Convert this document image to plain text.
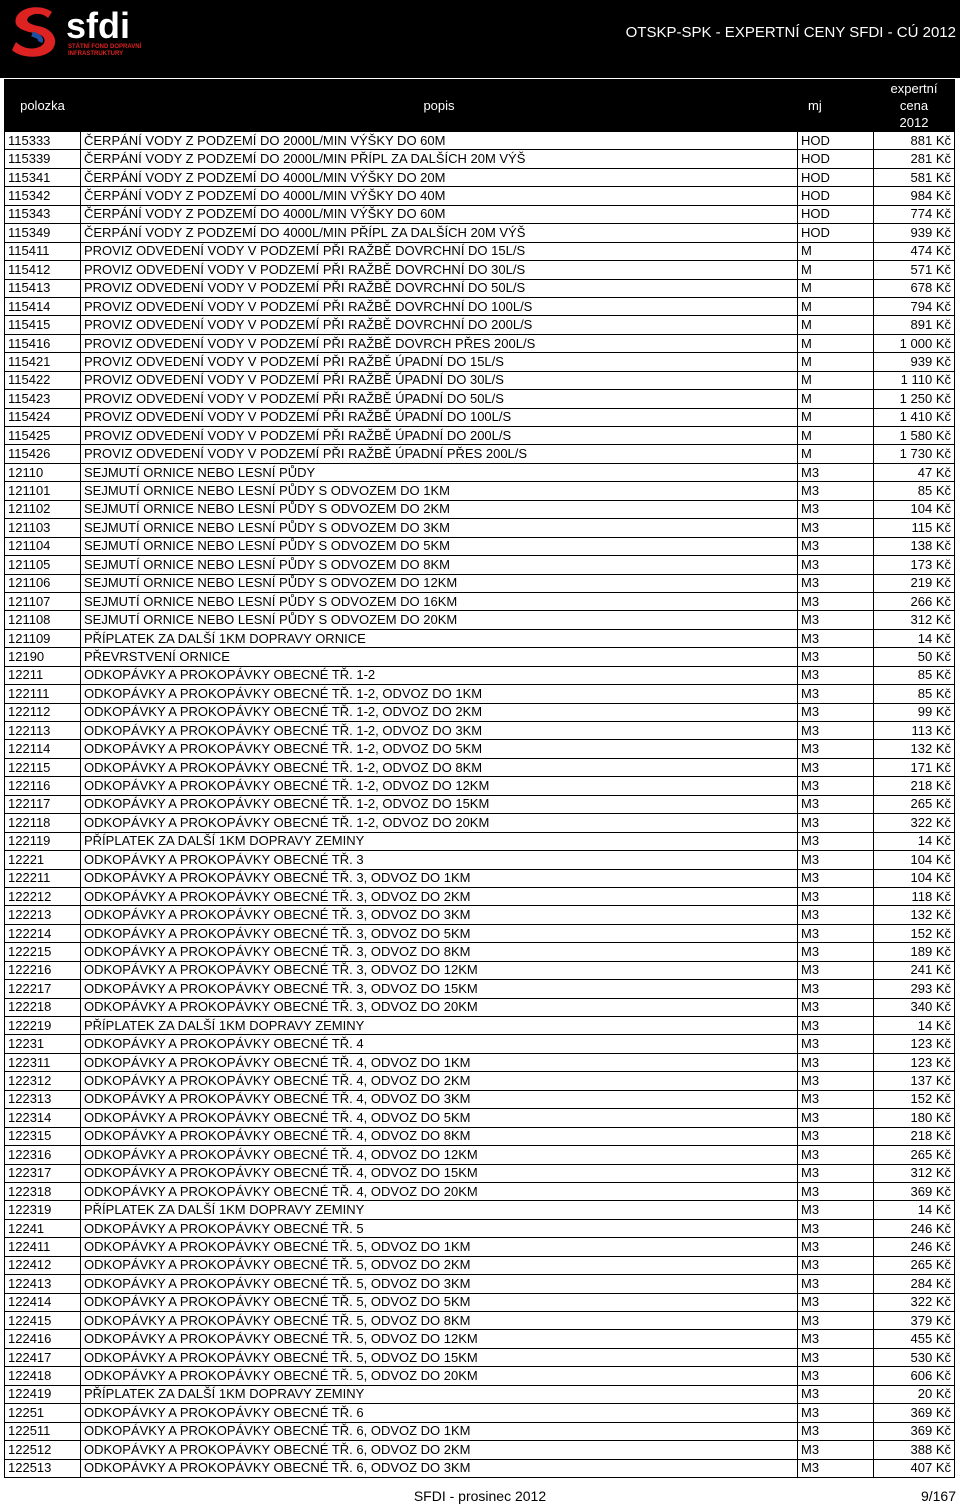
sfdi
STÁTNÍ FOND DOPRAVNÍ INFRASTRUKTURY
OTSKP-SPK - EXPERTNÍ CENY SFDI - CÚ 2012
polozka	popis	mj	expertní cena
2012
115333	ČERPÁNÍ VODY Z PODZEMÍ DO 2000L/MIN VÝŠKY DO 60M	HOD	881 Kč
115339	ČERPÁNÍ VODY Z PODZEMÍ DO 2000L/MIN PŘÍPL ZA DALŠÍCH 20M VÝŠ	HOD	281 Kč
115341	ČERPÁNÍ VODY Z PODZEMÍ DO 4000L/MIN VÝŠKY DO 20M	HOD	581 Kč
115342	ČERPÁNÍ VODY Z PODZEMÍ DO 4000L/MIN VÝŠKY DO 40M	HOD	984 Kč
115343	ČERPÁNÍ VODY Z PODZEMÍ DO 4000L/MIN VÝŠKY DO 60M	HOD	774 Kč
115349	ČERPÁNÍ VODY Z PODZEMÍ DO 4000L/MIN PŘÍPL ZA DALŠÍCH 20M VÝŠ	HOD	939 Kč
115411	PROVIZ ODVEDENÍ VODY V PODZEMÍ PŘI RAŽBĚ DOVRCHNÍ DO 15L/S	M	474 Kč
115412	PROVIZ ODVEDENÍ VODY V PODZEMÍ PŘI RAŽBĚ DOVRCHNÍ DO 30L/S	M	571 Kč
115413	PROVIZ ODVEDENÍ VODY V PODZEMÍ PŘI RAŽBĚ DOVRCHNÍ DO 50L/S	M	678 Kč
115414	PROVIZ ODVEDENÍ VODY V PODZEMÍ PŘI RAŽBĚ DOVRCHNÍ DO 100L/S	M	794 Kč
115415	PROVIZ ODVEDENÍ VODY V PODZEMÍ PŘI RAŽBĚ DOVRCHNÍ DO 200L/S	M	891 Kč
115416	PROVIZ ODVEDENÍ VODY V PODZEMÍ PŘI RAŽBĚ DOVRCH PŘES 200L/S	M	1 000 Kč
115421	PROVIZ ODVEDENÍ VODY V PODZEMÍ PŘI RAŽBĚ ÚPADNÍ DO 15L/S	M	939 Kč
115422	PROVIZ ODVEDENÍ VODY V PODZEMÍ PŘI RAŽBĚ ÚPADNÍ DO 30L/S	M	1 110 Kč
115423	PROVIZ ODVEDENÍ VODY V PODZEMÍ PŘI RAŽBĚ ÚPADNÍ DO 50L/S	M	1 250 Kč
115424	PROVIZ ODVEDENÍ VODY V PODZEMÍ PŘI RAŽBĚ ÚPADNÍ DO 100L/S	M	1 410 Kč
115425	PROVIZ ODVEDENÍ VODY V PODZEMÍ PŘI RAŽBĚ ÚPADNÍ DO 200L/S	M	1 580 Kč
115426	PROVIZ ODVEDENÍ VODY V PODZEMÍ PŘI RAŽBĚ ÚPADNÍ PŘES 200L/S	M	1 730 Kč
12110	SEJMUTÍ ORNICE NEBO LESNÍ PŮDY	M3	47 Kč
121101	SEJMUTÍ ORNICE NEBO LESNÍ PŮDY S ODVOZEM DO 1KM	M3	85 Kč
121102	SEJMUTÍ ORNICE NEBO LESNÍ PŮDY S ODVOZEM DO 2KM	M3	104 Kč
121103	SEJMUTÍ ORNICE NEBO LESNÍ PŮDY S ODVOZEM DO 3KM	M3	115 Kč
121104	SEJMUTÍ ORNICE NEBO LESNÍ PŮDY S ODVOZEM DO 5KM	M3	138 Kč
121105	SEJMUTÍ ORNICE NEBO LESNÍ PŮDY S ODVOZEM DO 8KM	M3	173 Kč
121106	SEJMUTÍ ORNICE NEBO LESNÍ PŮDY S ODVOZEM DO 12KM	M3	219 Kč
121107	SEJMUTÍ ORNICE NEBO LESNÍ PŮDY S ODVOZEM DO 16KM	M3	266 Kč
121108	SEJMUTÍ ORNICE NEBO LESNÍ PŮDY S ODVOZEM DO 20KM	M3	312 Kč
121109	PŘÍPLATEK ZA DALŠÍ 1KM DOPRAVY ORNICE	M3	14 Kč
12190	PŘEVRSTVENÍ ORNICE	M3	50 Kč
12211	ODKOPÁVKY A PROKOPÁVKY OBECNÉ TŘ. 1-2	M3	85 Kč
122111	ODKOPÁVKY A PROKOPÁVKY OBECNÉ TŘ. 1-2, ODVOZ DO 1KM	M3	85 Kč
122112	ODKOPÁVKY A PROKOPÁVKY OBECNÉ TŘ. 1-2, ODVOZ DO 2KM	M3	99 Kč
122113	ODKOPÁVKY A PROKOPÁVKY OBECNÉ TŘ. 1-2, ODVOZ DO 3KM	M3	113 Kč
122114	ODKOPÁVKY A PROKOPÁVKY OBECNÉ TŘ. 1-2, ODVOZ DO 5KM	M3	132 Kč
122115	ODKOPÁVKY A PROKOPÁVKY OBECNÉ TŘ. 1-2, ODVOZ DO 8KM	M3	171 Kč
122116	ODKOPÁVKY A PROKOPÁVKY OBECNÉ TŘ. 1-2, ODVOZ DO 12KM	M3	218 Kč
122117	ODKOPÁVKY A PROKOPÁVKY OBECNÉ TŘ. 1-2, ODVOZ DO 15KM	M3	265 Kč
122118	ODKOPÁVKY A PROKOPÁVKY OBECNÉ TŘ. 1-2, ODVOZ DO 20KM	M3	322 Kč
122119	PŘÍPLATEK ZA DALŠÍ 1KM DOPRAVY ZEMINY	M3	14 Kč
12221	ODKOPÁVKY A PROKOPÁVKY OBECNÉ TŘ. 3	M3	104 Kč
122211	ODKOPÁVKY A PROKOPÁVKY OBECNÉ TŘ. 3, ODVOZ DO 1KM	M3	104 Kč
122212	ODKOPÁVKY A PROKOPÁVKY OBECNÉ TŘ. 3, ODVOZ DO 2KM	M3	118 Kč
122213	ODKOPÁVKY A PROKOPÁVKY OBECNÉ TŘ. 3, ODVOZ DO 3KM	M3	132 Kč
122214	ODKOPÁVKY A PROKOPÁVKY OBECNÉ TŘ. 3, ODVOZ DO 5KM	M3	152 Kč
122215	ODKOPÁVKY A PROKOPÁVKY OBECNÉ TŘ. 3, ODVOZ DO 8KM	M3	189 Kč
122216	ODKOPÁVKY A PROKOPÁVKY OBECNÉ TŘ. 3, ODVOZ DO 12KM	M3	241 Kč
122217	ODKOPÁVKY A PROKOPÁVKY OBECNÉ TŘ. 3, ODVOZ DO 15KM	M3	293 Kč
122218	ODKOPÁVKY A PROKOPÁVKY OBECNÉ TŘ. 3, ODVOZ DO 20KM	M3	340 Kč
122219	PŘÍPLATEK ZA DALŠÍ 1KM DOPRAVY ZEMINY	M3	14 Kč
12231	ODKOPÁVKY A PROKOPÁVKY OBECNÉ TŘ. 4	M3	123 Kč
122311	ODKOPÁVKY A PROKOPÁVKY OBECNÉ TŘ. 4, ODVOZ DO 1KM	M3	123 Kč
122312	ODKOPÁVKY A PROKOPÁVKY OBECNÉ TŘ. 4, ODVOZ DO 2KM	M3	137 Kč
122313	ODKOPÁVKY A PROKOPÁVKY OBECNÉ TŘ. 4, ODVOZ DO 3KM	M3	152 Kč
122314	ODKOPÁVKY A PROKOPÁVKY OBECNÉ TŘ. 4, ODVOZ DO 5KM	M3	180 Kč
122315	ODKOPÁVKY A PROKOPÁVKY OBECNÉ TŘ. 4, ODVOZ DO 8KM	M3	218 Kč
122316	ODKOPÁVKY A PROKOPÁVKY OBECNÉ TŘ. 4, ODVOZ DO 12KM	M3	265 Kč
122317	ODKOPÁVKY A PROKOPÁVKY OBECNÉ TŘ. 4, ODVOZ DO 15KM	M3	312 Kč
122318	ODKOPÁVKY A PROKOPÁVKY OBECNÉ TŘ. 4, ODVOZ DO 20KM	M3	369 Kč
122319	PŘÍPLATEK ZA DALŠÍ 1KM DOPRAVY ZEMINY	M3	14 Kč
12241	ODKOPÁVKY A PROKOPÁVKY OBECNÉ TŘ. 5	M3	246 Kč
122411	ODKOPÁVKY A PROKOPÁVKY OBECNÉ TŘ. 5, ODVOZ DO 1KM	M3	246 Kč
122412	ODKOPÁVKY A PROKOPÁVKY OBECNÉ TŘ. 5, ODVOZ DO 2KM	M3	265 Kč
122413	ODKOPÁVKY A PROKOPÁVKY OBECNÉ TŘ. 5, ODVOZ DO 3KM	M3	284 Kč
122414	ODKOPÁVKY A PROKOPÁVKY OBECNÉ TŘ. 5, ODVOZ DO 5KM	M3	322 Kč
122415	ODKOPÁVKY A PROKOPÁVKY OBECNÉ TŘ. 5, ODVOZ DO 8KM	M3	379 Kč
122416	ODKOPÁVKY A PROKOPÁVKY OBECNÉ TŘ. 5, ODVOZ DO 12KM	M3	455 Kč
122417	ODKOPÁVKY A PROKOPÁVKY OBECNÉ TŘ. 5, ODVOZ DO 15KM	M3	530 Kč
122418	ODKOPÁVKY A PROKOPÁVKY OBECNÉ TŘ. 5, ODVOZ DO 20KM	M3	606 Kč
122419	PŘÍPLATEK ZA DALŠÍ 1KM DOPRAVY ZEMINY	M3	20 Kč
12251	ODKOPÁVKY A PROKOPÁVKY OBECNÉ TŘ. 6	M3	369 Kč
122511	ODKOPÁVKY A PROKOPÁVKY OBECNÉ TŘ. 6, ODVOZ DO 1KM	M3	369 Kč
122512	ODKOPÁVKY A PROKOPÁVKY OBECNÉ TŘ. 6, ODVOZ DO 2KM	M3	388 Kč
122513	ODKOPÁVKY A PROKOPÁVKY OBECNÉ TŘ. 6, ODVOZ DO 3KM	M3	407 Kč
SFDI - prosinec 2012	9/167
